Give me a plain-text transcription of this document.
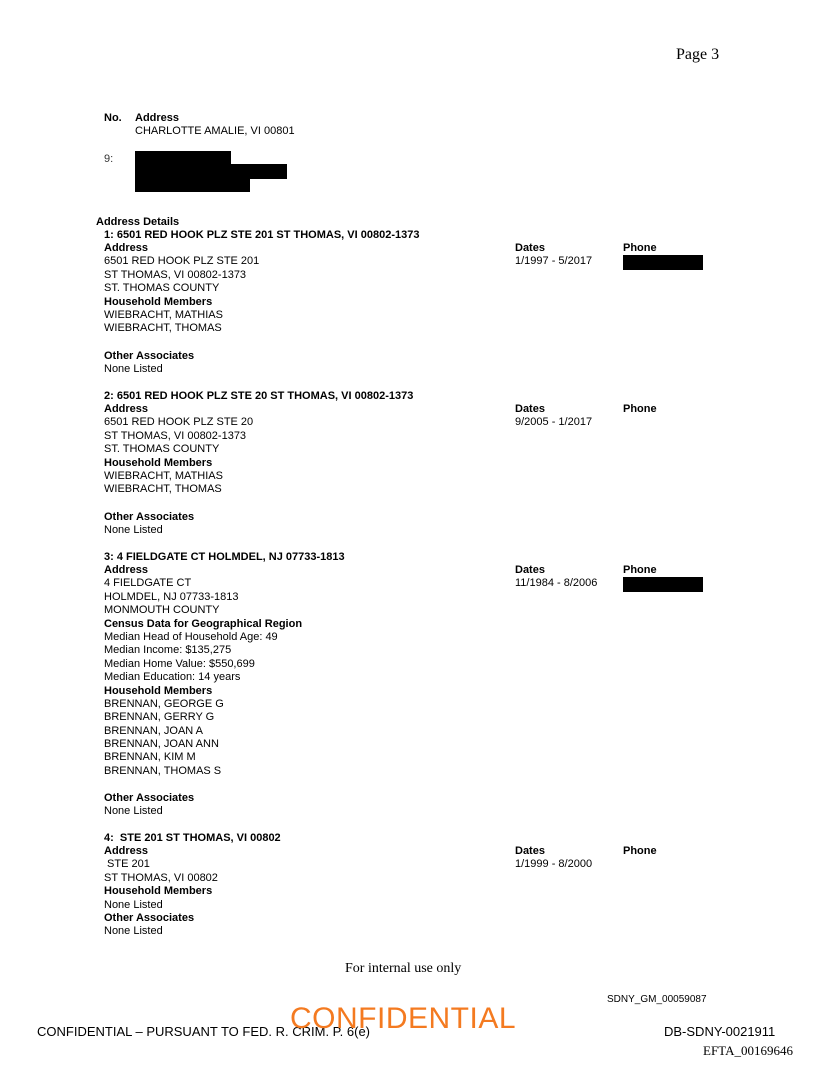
Page 3
No. Address
CHARLOTTE AMALIE, VI 00801
9:
Address Details
1: 6501 RED HOOK PLZ STE 201 ST THOMAS, VI 00802-1373
Address
6501 RED HOOK PLZ STE 201
ST THOMAS, VI 00802-1373
ST. THOMAS COUNTY
Household Members
WIEBRACHT, MATHIAS
WIEBRACHT, THOMAS
Dates
1/1997 - 5/2017
Phone
Other Associates
None Listed
2: 6501 RED HOOK PLZ STE 20 ST THOMAS, VI 00802-1373
Address
6501 RED HOOK PLZ STE 20
ST THOMAS, VI 00802-1373
ST. THOMAS COUNTY
Household Members
WIEBRACHT, MATHIAS
WIEBRACHT, THOMAS
Dates
9/2005 - 1/2017
Phone
Other Associates
None Listed
3: 4 FIELDGATE CT HOLMDEL, NJ 07733-1813
Address
4 FIELDGATE CT
HOLMDEL, NJ 07733-1813
MONMOUTH COUNTY
Census Data for Geographical Region
Median Head of Household Age: 49
Median Income: $135,275
Median Home Value: $550,699
Median Education: 14 years
Household Members
BRENNAN, GEORGE G
BRENNAN, GERRY G
BRENNAN, JOAN A
BRENNAN, JOAN ANN
BRENNAN, KIM M
BRENNAN, THOMAS S
Dates
11/1984 - 8/2006
Phone
Other Associates
None Listed
4:  STE 201 ST THOMAS, VI 00802
Address
STE 201
ST THOMAS, VI 00802
Household Members
None Listed
Other Associates
None Listed
Dates
1/1999 - 8/2000
Phone
For internal use only
SDNY_GM_00059087
CONFIDENTIAL – PURSUANT TO FED. R. CRIM. P. 6(e)
CONFIDENTIAL	DB-SDNY-0021911
EFTA_00169646
